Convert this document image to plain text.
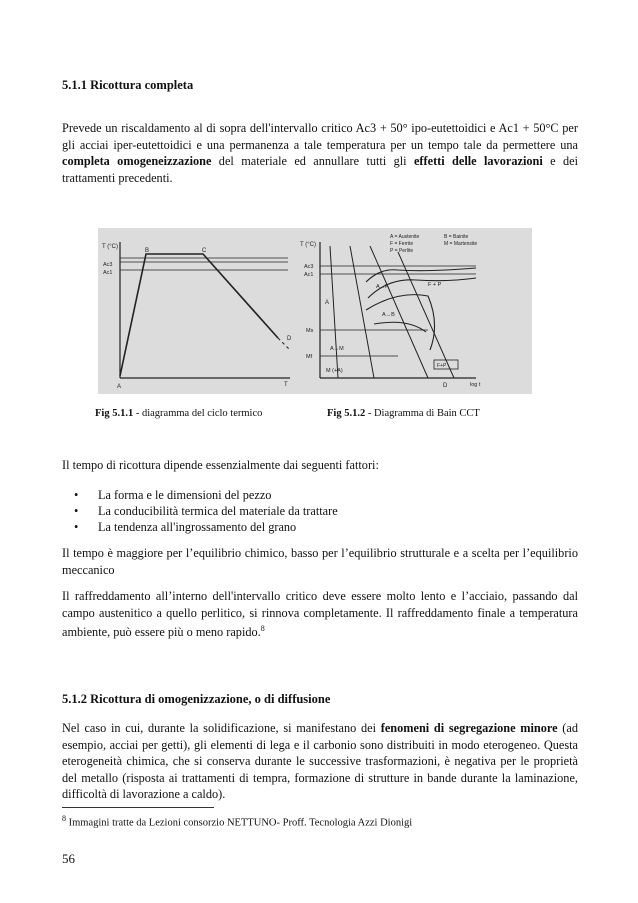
5.1.1 Ricottura completa
Prevede un riscaldamento al di sopra dell'intervallo critico Ac3 + 50° ipo-eutettoidici e Ac1 + 50°C per gli acciai iper-eutettoidici e una permanenza a tale temperatura per un tempo tale da permettere una completa omogeneizzazione del materiale ed annullare tutti gli effetti delle lavorazioni e dei trattamenti precedenti.
T (°C)
Ac3
Ac1
A
B	C
D
T
T (°C)
Ac3
Ac1
Ms
Mf
A = Austenite	B = Bainite
F = Ferrite	M = Martensite
P = Perlite
A→F	F + P
A
A→B
A→M
M (+A)
F+P
D	log t
Fig 5.1.1 - diagramma del ciclo termico	Fig 5.1.2 - Diagramma di Bain CCT
Il tempo di ricottura dipende essenzialmente dai seguenti fattori:
• La forma e le dimensioni del pezzo
• La conducibilità termica del materiale da trattare
• La tendenza all'ingrossamento del grano
Il tempo è maggiore per l’equilibrio chimico, basso per l’equilibrio strutturale e a scelta per l’equilibrio meccanico
Il raffreddamento all’interno dell'intervallo critico deve essere molto lento e l’acciaio, passando dal campo austenitico a quello perlitico, si rinnova completamente. Il raffreddamento finale a temperatura ambiente, può essere più o meno rapido.$^8$
5.1.2 Ricottura di omogenizzazione, o di diffusione
Nel caso in cui, durante la solidificazione, si manifestano dei fenomeni di segregazione minore (ad esempio, acciai per getti), gli elementi di lega e il carbonio sono distribuiti in modo eterogeneo. Questa eterogeneità chimica, che si conserva durante le successive trasformazioni, è negativa per le proprietà del metallo (risposta ai trattamenti di tempra, formazione di strutture in bande durante la laminazione, difficoltà di lavorazione a caldo).
$^8$ Immagini tratte da Lezioni consorzio NETTUNO- Proff. Tecnologia Azzi Dionigi
56
